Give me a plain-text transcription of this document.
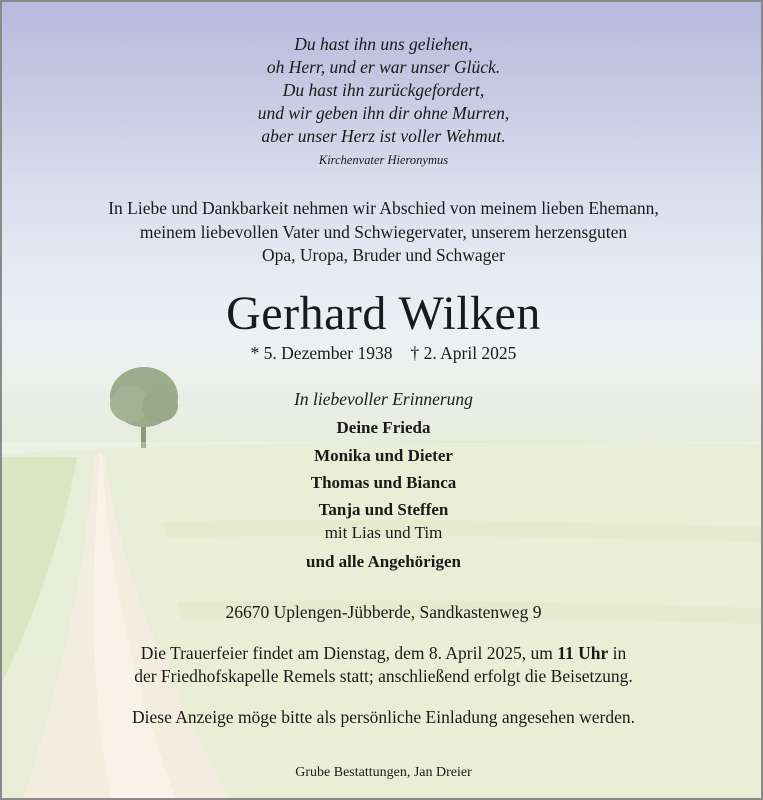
Du hast ihn uns geliehen,
oh Herr, und er war unser Glück.
Du hast ihn zurückgefordert,
und wir geben ihn dir ohne Murren,
aber unser Herz ist voller Wehmut.
Kirchenvater Hieronymus
In Liebe und Dankbarkeit nehmen wir Abschied von meinem lieben Ehemann,
meinem liebevollen Vater und Schwiegervater, unserem herzensguten
Opa, Uropa, Bruder und Schwager
Gerhard Wilken
* 5. Dezember 1938 † 2. April 2025
In liebevoller Erinnerung
Deine Frieda
Monika und Dieter
Thomas und Bianca
Tanja und Steffen
mit Lias und Tim
und alle Angehörigen
26670 Uplengen-Jübberde, Sandkastenweg 9
Die Trauerfeier findet am Dienstag, dem 8. April 2025, um 11 Uhr in
der Friedhofskapelle Remels statt; anschließend erfolgt die Beisetzung.
Diese Anzeige möge bitte als persönliche Einladung angesehen werden.
Grube Bestattungen, Jan Dreier
